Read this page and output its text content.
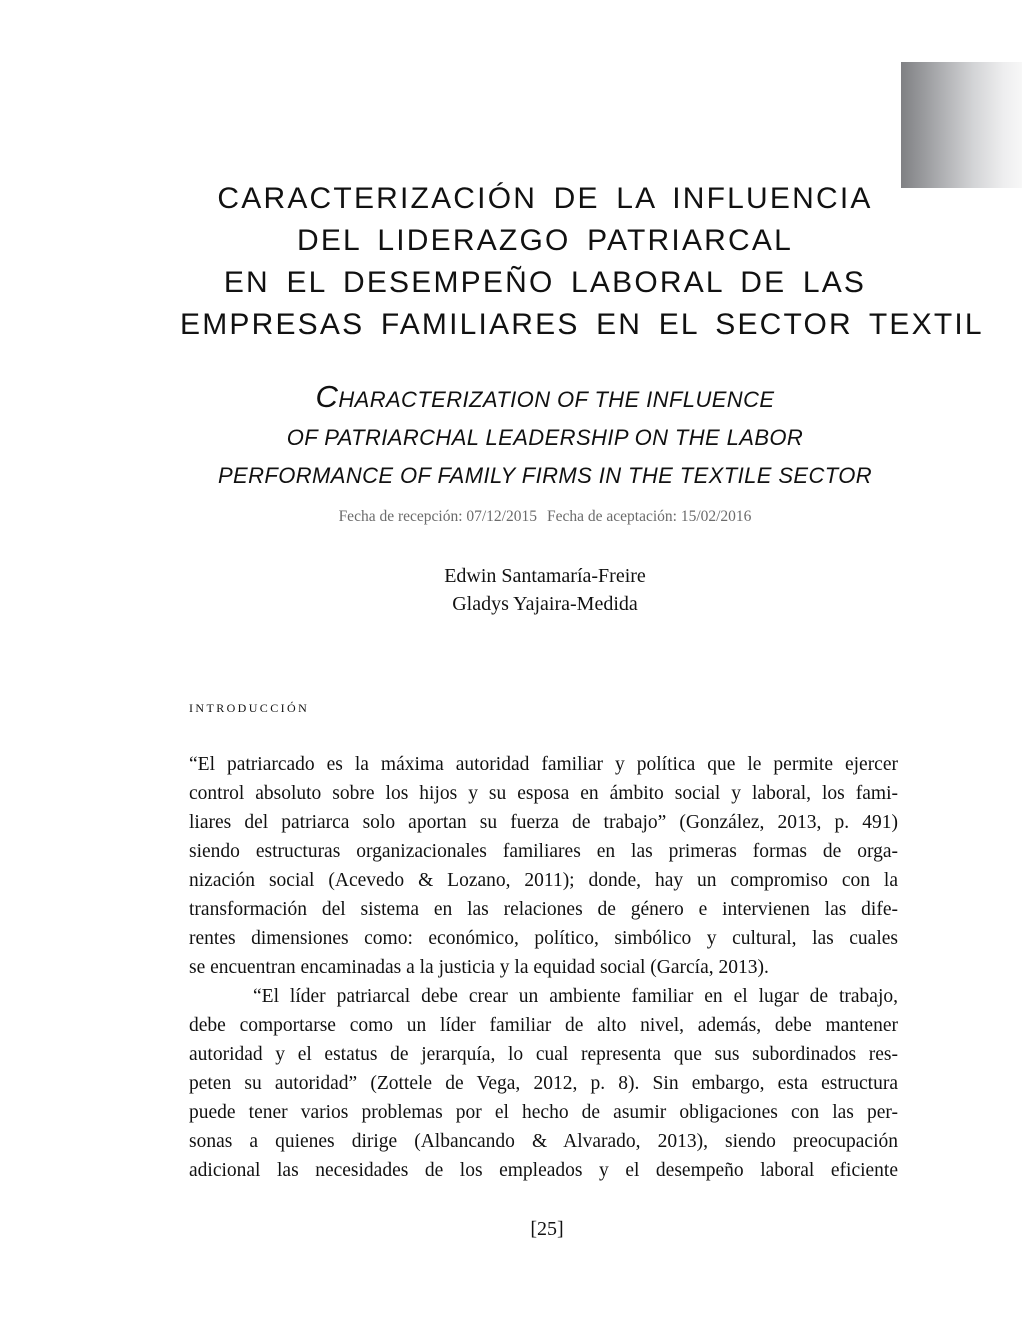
CARACTERIZACIÓN DE LA INFLUENCIA
DEL LIDERAZGO PATRIARCAL
EN EL DESEMPEÑO LABORAL DE LAS
EMPRESAS FAMILIARES EN EL SECTOR TEXTIL
CHARACTERIZATION OF THE INFLUENCE
OF PATRIARCHAL LEADERSHIP ON THE LABOR
PERFORMANCE OF FAMILY FIRMS IN THE TEXTILE SECTOR
Fecha de recepción: 07/12/2015 Fecha de aceptación: 15/02/2016
Edwin Santamaría-Freire
Gladys Yajaira-Medida
introducción

“El patriarcado es la máxima autoridad familiar y política que le permite ejercer
control absoluto sobre los hijos y su esposa en ámbito social y laboral, los fami-
liares del patriarca solo aportan su fuerza de trabajo” (González, 2013, p. 491)
siendo estructuras organizacionales familiares en las primeras formas de orga-
nización social (Acevedo & Lozano, 2011); donde, hay un compromiso con la
transformación del sistema en las relaciones de género e intervienen las dife-
rentes dimensiones como: económico, político, simbólico y cultural, las cuales
se encuentran encaminadas a la justicia y la equidad social (García, 2013).

“El líder patriarcal debe crear un ambiente familiar en el lugar de trabajo,
debe comportarse como un líder familiar de alto nivel, además, debe mantener
autoridad y el estatus de jerarquía, lo cual representa que sus subordinados res-
peten su autoridad” (Zottele de Vega, 2012, p. 8). Sin embargo, esta estructura
puede tener varios problemas por el hecho de asumir obligaciones con las per-
sonas a quienes dirige (Albancando & Alvarado, 2013), siendo preocupación
adicional las necesidades de los empleados y el desempeño laboral eficiente

[25]
